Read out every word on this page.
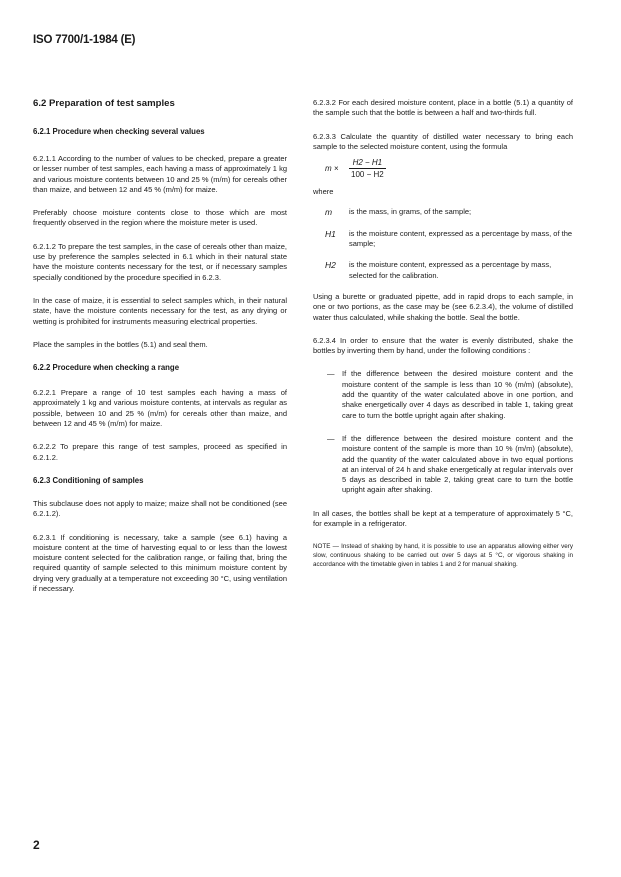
ISO 7700/1-1984 (E)
6.2 Preparation of test samples
6.2.1 Procedure when checking several values

6.2.1.1 According to the number of values to be checked, prepare a greater or lesser number of test samples, each having a mass of approximately 1 kg and various moisture contents between 10 and 25 % (m/m) for cereals other than maize, and between 12 and 45 % (m/m) for maize.

Preferably choose moisture contents close to those which are most frequently observed in the region where the moisture meter is used.

6.2.1.2 To prepare the test samples, in the case of cereals other than maize, use by preference the samples selected in 6.1 which in their natural state have the moisture contents necessary for the test, or if necessary samples specially conditioned by the procedure specified in 6.2.3.

In the case of maize, it is essential to select samples which, in their natural state, have the moisture contents necessary for the test, as any drying or wetting is prohibited for instruments measuring electrical properties.

Place the samples in the bottles (5.1) and seal them.

6.2.2 Procedure when checking a range

6.2.2.1 Prepare a range of 10 test samples each having a mass of approximately 1 kg and various moisture contents, at intervals as regular as possible, between 10 and 25 % (m/m) for cereals other than maize, and between 12 and 45 % (m/m) for maize.

6.2.2.2 To prepare this range of test samples, proceed as specified in 6.2.1.2.

6.2.3 Conditioning of samples

This subclause does not apply to maize; maize shall not be conditioned (see 6.2.1.2).

6.2.3.1 If conditioning is necessary, take a sample (see 6.1) having a moisture content at the time of harvesting equal to or less than the lowest moisture content selected for the calibration range, or failing that, bring the required quantity of sample selected to this minimum moisture content by drying very gradually at a temperature not exceeding 30 °C, using ventilation if necessary.

6.2.3.2 For each desired moisture content, place in a bottle (5.1) a quantity of the sample such that the bottle is between a half and two-thirds full.

6.2.3.3 Calculate the quantity of distilled water necessary to bring each sample to the selected moisture content, using the formula

$m \times \frac{H2 - H1}{100 - H2}$

where

m	is the mass, in grams, of the sample;
H1	is the moisture content, expressed as a percentage by mass, of the sample;
H2	is the moisture content, expressed as a percentage by mass, selected for the calibration.

Using a burette or graduated pipette, add in rapid drops to each sample, in one or two portions, as the case may be (see 6.2.3.4), the volume of distilled water thus calculated, while shaking the bottle. Seal the bottle.

6.2.3.4 In order to ensure that the water is evenly distributed, shake the bottles by inverting them by hand, under the following conditions :

—	If the difference between the desired moisture content and the moisture content of the sample is less than 10 % (m/m) (absolute), add the quantity of the water calculated above in one portion, and shake energetically over 4 days as described in table 1, taking great care to turn the bottle upright again after shaking.
—	If the difference between the desired moisture content and the moisture content of the sample is more than 10 % (m/m) (absolute), add the quantity of the water calculated above in two equal portions at an interval of 24 h and shake energetically at regular intervals over 5 days as described in table 2, taking great care to turn the bottle upright again after shaking.

In all cases, the bottles shall be kept at a temperature of approximately 5 °C, for example in a refrigerator.

NOTE — Instead of shaking by hand, it is possible to use an apparatus allowing either very slow, continuous shaking to be carried out over 5 days at 5 °C, or vigorous shaking in accordance with the timetable given in tables 1 and 2 for manual shaking.

2
